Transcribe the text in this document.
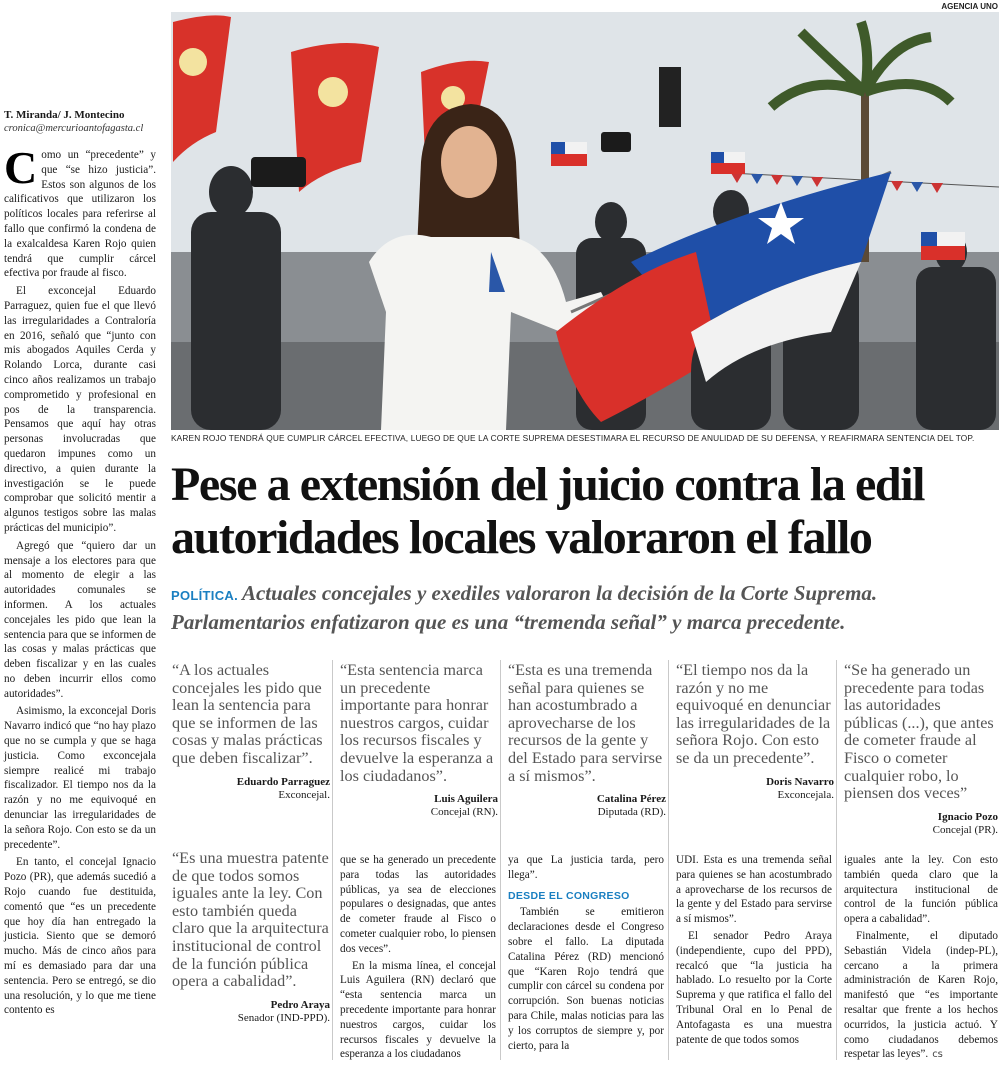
T. Miranda/ J. Montecino
cronica@mercurioantofagasta.cl

Como un “precedente” y que “se hizo justicia”. Estos son algunos de los calificativos que utilizaron los políticos locales para referirse al fallo que confirmó la condena de la exalcaldesa Karen Rojo quien tendrá que cumplir cárcel efectiva por fraude al fisco.

El exconcejal Eduardo Parraguez, quien fue el que llevó las irregularidades a Contraloría en 2016, señaló que “junto con mis abogados Aquiles Cerda y Rolando Lorca, durante casi cinco años realizamos un trabajo comprometido y profesional en pos de la transparencia. Pensamos que aquí hay otras personas involucradas que quedaron impunes como un directivo, a quien durante la investigación se le puede comprobar que solicitó mentir a algunos testigos sobre las malas prácticas del municipio”.

Agregó que “quiero dar un mensaje a los electores para que al momento de elegir a las autoridades comunales se informen. A los actuales concejales les pido que lean la sentencia para que se informen de las cosas y malas prácticas que deben fiscalizar y en las cuales no deben incurrir ellos como autoridades”.

Asimismo, la exconcejal Doris Navarro indicó que “no hay plazo que no se cumpla y que se haga justicia. Como exconcejala siempre realicé mi trabajo fiscalizador. El tiempo nos da la razón y no me equivoqué en denunciar las irregularidades de la señora Rojo. Con esto se da un precedente”.

En tanto, el concejal Ignacio Pozo (PR), que además sucedió a Rojo cuando fue destituida, comentó que “es un precedente que hoy día han entregado la justicia. Siento que se demoró mucho. Más de cinco años para mí es demasiado para dar una sentencia. Pero se entregó, se dio una resolución, y lo que me tiene contento es

AGENCIA UNO
KAREN ROJO TENDRÁ QUE CUMPLIR CÁRCEL EFECTIVA, LUEGO DE QUE LA CORTE SUPREMA DESESTIMARA EL RECURSO DE ANULIDAD DE SU DEFENSA, Y REAFIRMARA SENTENCIA DEL TOP.
Pese a extensión del juicio contra la edil
autoridades locales valoraron el fallo
POLÍTICA. Actuales concejales y exediles valoraron la decisión de la Corte Suprema. Parlamentarios enfatizaron que es una “tremenda señal” y marca precedente.
“A los actuales concejales les pido que lean la sentencia para que se informen de las cosas y malas prácticas que deben fiscalizar”.
Eduardo Parraguez
Exconcejal.
“Esta sentencia marca un precedente importante para honrar nuestros cargos, cuidar los recursos fiscales y devuelve la esperanza a los ciudadanos”.
Luis Aguilera
Concejal (RN).
“Esta es una tremenda señal para quienes se han acostumbrado a aprovecharse de los recursos de la gente y del Estado para servirse a sí mismos”.
Catalina Pérez
Diputada (RD).
“El tiempo nos da la razón y no me equivoqué en denunciar las irregularidades de la señora Rojo. Con esto se da un precedente”.
Doris Navarro
Exconcejala.
“Se ha generado un precedente para todas las autoridades públicas (...), que antes de cometer fraude al Fisco o cometer cualquier robo, lo piensen dos veces”
Ignacio Pozo
Concejal (PR).
“Es una muestra patente de que todos somos iguales ante la ley. Con esto también queda claro que la arquitectura institucional de control de la función pública opera a cabalidad”.
Pedro Araya
Senador (IND-PPD).

que se ha generado un precedente para todas las autoridades públicas, ya sea de elecciones populares o designadas, que antes de cometer fraude al Fisco o cometer cualquier robo, lo piensen dos veces”.

En la misma línea, el concejal Luis Aguilera (RN) declaró que “esta sentencia marca un precedente importante para honrar nuestros cargos, cuidar los recursos fiscales y devuelve la esperanza a los ciudadanos

ya que La justicia tarda, pero llega”.

DESDE EL CONGRESO

También se emitieron declaraciones desde el Congreso sobre el fallo. La diputada Catalina Pérez (RD) mencionó que “Karen Rojo tendrá que cumplir con cárcel su condena por corrupción. Son buenas noticias para Chile, malas noticias para las y los corruptos de siempre y, por cierto, para la

UDI. Esta es una tremenda señal para quienes se han acostumbrado a aprovecharse de los recursos de la gente y del Estado para servirse a sí mismos”.

El senador Pedro Araya (independiente, cupo del PPD), recalcó que “la justicia ha hablado. Lo resuelto por la Corte Suprema y que ratifica el fallo del Tribunal Oral en lo Penal de Antofagasta es una muestra patente de que todos somos

iguales ante la ley. Con esto también queda claro que la arquitectura institucional de control de la función pública opera a cabalidad”.

Finalmente, el diputado Sebastián Videla (indep-PL), cercano a la primera administración de Karen Rojo, manifestó que “es importante resaltar que frente a los hechos ocurridos, la justicia actuó. Y como ciudadanos debemos respetar las leyes”. cs
